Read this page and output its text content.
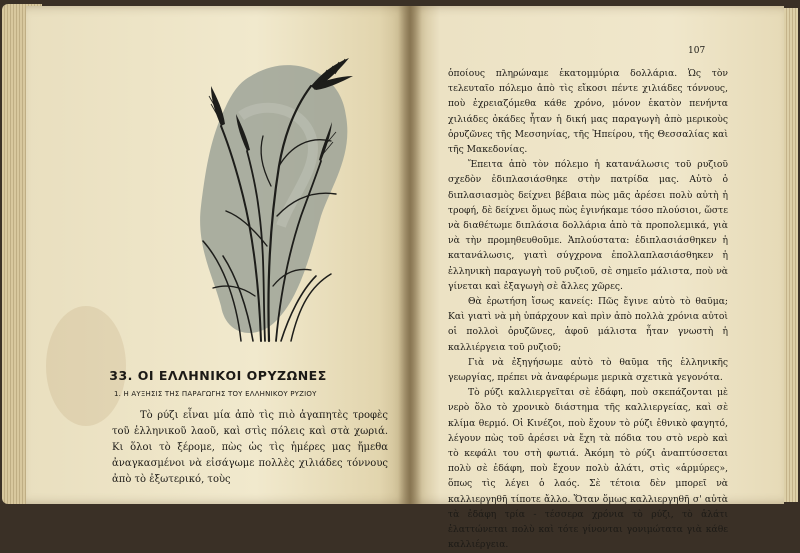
33. ΟΙ ΕΛΛΗΝΙΚΟΙ ΟΡΥΖΩΝΕΣ
1. Η ΑΥΞΗΣΙΣ ΤΗΣ ΠΑΡΑΓΩΓΗΣ ΤΟΥ ΕΛΛΗΝΙΚΟΥ ΡΥΖΙΟΥ

Τὸ ρύζι εἶναι μία ἀπὸ τὶς πιὸ ἀγαπητὲς τροφὲς τοῦ ἑλληνικοῦ λαοῦ, καὶ στὶς πόλεις καὶ στὰ χωριά. Κι ὅλοι τὸ ξέρομε, πὼς ὡς τὶς ἡμέρες μας ἤμεθα ἀναγκασμένοι νὰ εἰσάγωμε πολλὲς χιλιάδες τόννους ἀπὸ τὸ ἐξωτερικό, τοὺς

107

ὁποίους πληρώναμε ἑκατομμύρια δολλάρια. Ὡς τὸν τελευταῖο πόλεμο ἀπὸ τὶς εἴκοσι πέντε χιλιάδες τόννους, ποὺ ἐχρειαζόμεθα κάθε χρόνο, μόνον ἑκατὸν πενήντα χιλιάδες ὀκάδες ἦταν ἡ δική μας παραγωγὴ ἀπὸ μερικοὺς ὀρυζῶνες τῆς Μεσσηνίας, τῆς Ἠπείρου, τῆς Θεσσαλίας καὶ τῆς Μακεδονίας.

Ἔπειτα ἀπὸ τὸν πόλεμο ἡ κατανάλωσις τοῦ ρυζιοῦ σχεδὸν ἐδιπλασιάσθηκε στὴν πατρίδα μας. Αὐτὸ ὁ διπλασιασμὸς δείχνει βέβαια πὼς μᾶς ἀρέσει πολὺ αὐτὴ ἡ τροφή, δὲ δείχνει ὅμως πὼς ἐγινήκαμε τόσο πλούσιοι, ὥστε νὰ διαθέτωμε διπλάσια δολλάρια ἀπὸ τὰ προπολεμικά, γιὰ νὰ τὴν προμηθευθοῦμε. Ἁπλούστατα: ἐδιπλασιάσθηκεν ἡ κατανάλωσις, γιατὶ σύγχρονα ἐπολλαπλασιάσθηκεν ἡ ἑλληνικὴ παραγωγὴ τοῦ ρυζιοῦ, σὲ σημεῖο μάλιστα, ποὺ νὰ γίνεται καὶ ἐξαγωγὴ σὲ ἄλλες χῶρες.

Θὰ ἐρωτήση ἴσως κανείς: Πῶς ἔγινε αὐτὸ τὸ θαῦμα; Καὶ γιατὶ νὰ μὴ ὑπάρχουν καὶ πρὶν ἀπὸ πολλὰ χρόνια αὐτοὶ οἱ πολλοὶ ὀρυζῶνες, ἀφοῦ μάλιστα ἦταν γνωστὴ ἡ καλλιέργεια τοῦ ρυζιοῦ;

Γιὰ νὰ ἐξηγήσωμε αὐτὸ τὸ θαῦμα τῆς ἑλληνικῆς γεωργίας, πρέπει νὰ ἀναφέρωμε μερικὰ σχετικὰ γεγονότα.

Τὸ ρύζι καλλιεργεῖται σὲ ἐδάφη, ποὺ σκεπάζονται μὲ νερὸ ὅλο τὸ χρονικὸ διάστημα τῆς καλλιεργείας, καὶ σὲ κλίμα θερμό. Οἱ Κινέζοι, ποὺ ἔχουν τὸ ρύζι ἐθνικὸ φαγητό, λέγουν πὼς τοῦ ἀρέσει νὰ ἔχη τὰ πόδια του στὸ νερὸ καὶ τὸ κεφάλι του στὴ φωτιά. Ἀκόμη τὸ ρύζι ἀναπτύσσεται πολὺ σὲ ἐδάφη, ποὺ ἔχουν πολὺ ἁλάτι, στὶς «ἁρμύρες», ὅπως τὶς λέγει ὁ λαός. Σὲ τέτοια δὲν μπορεῖ νὰ καλλιεργηθῆ τίποτε ἄλλο. Ὅταν ὅμως καλλιεργηθῆ σ' αὐτὰ τὰ ἐδάφη τρία - τέσσερα χρόνια τὸ ρύζι, τὸ ἁλάτι ἐλαττώνεται πολὺ καὶ τότε γίνονται γονιμώτατα γιὰ κάθε καλλιέργεια.
